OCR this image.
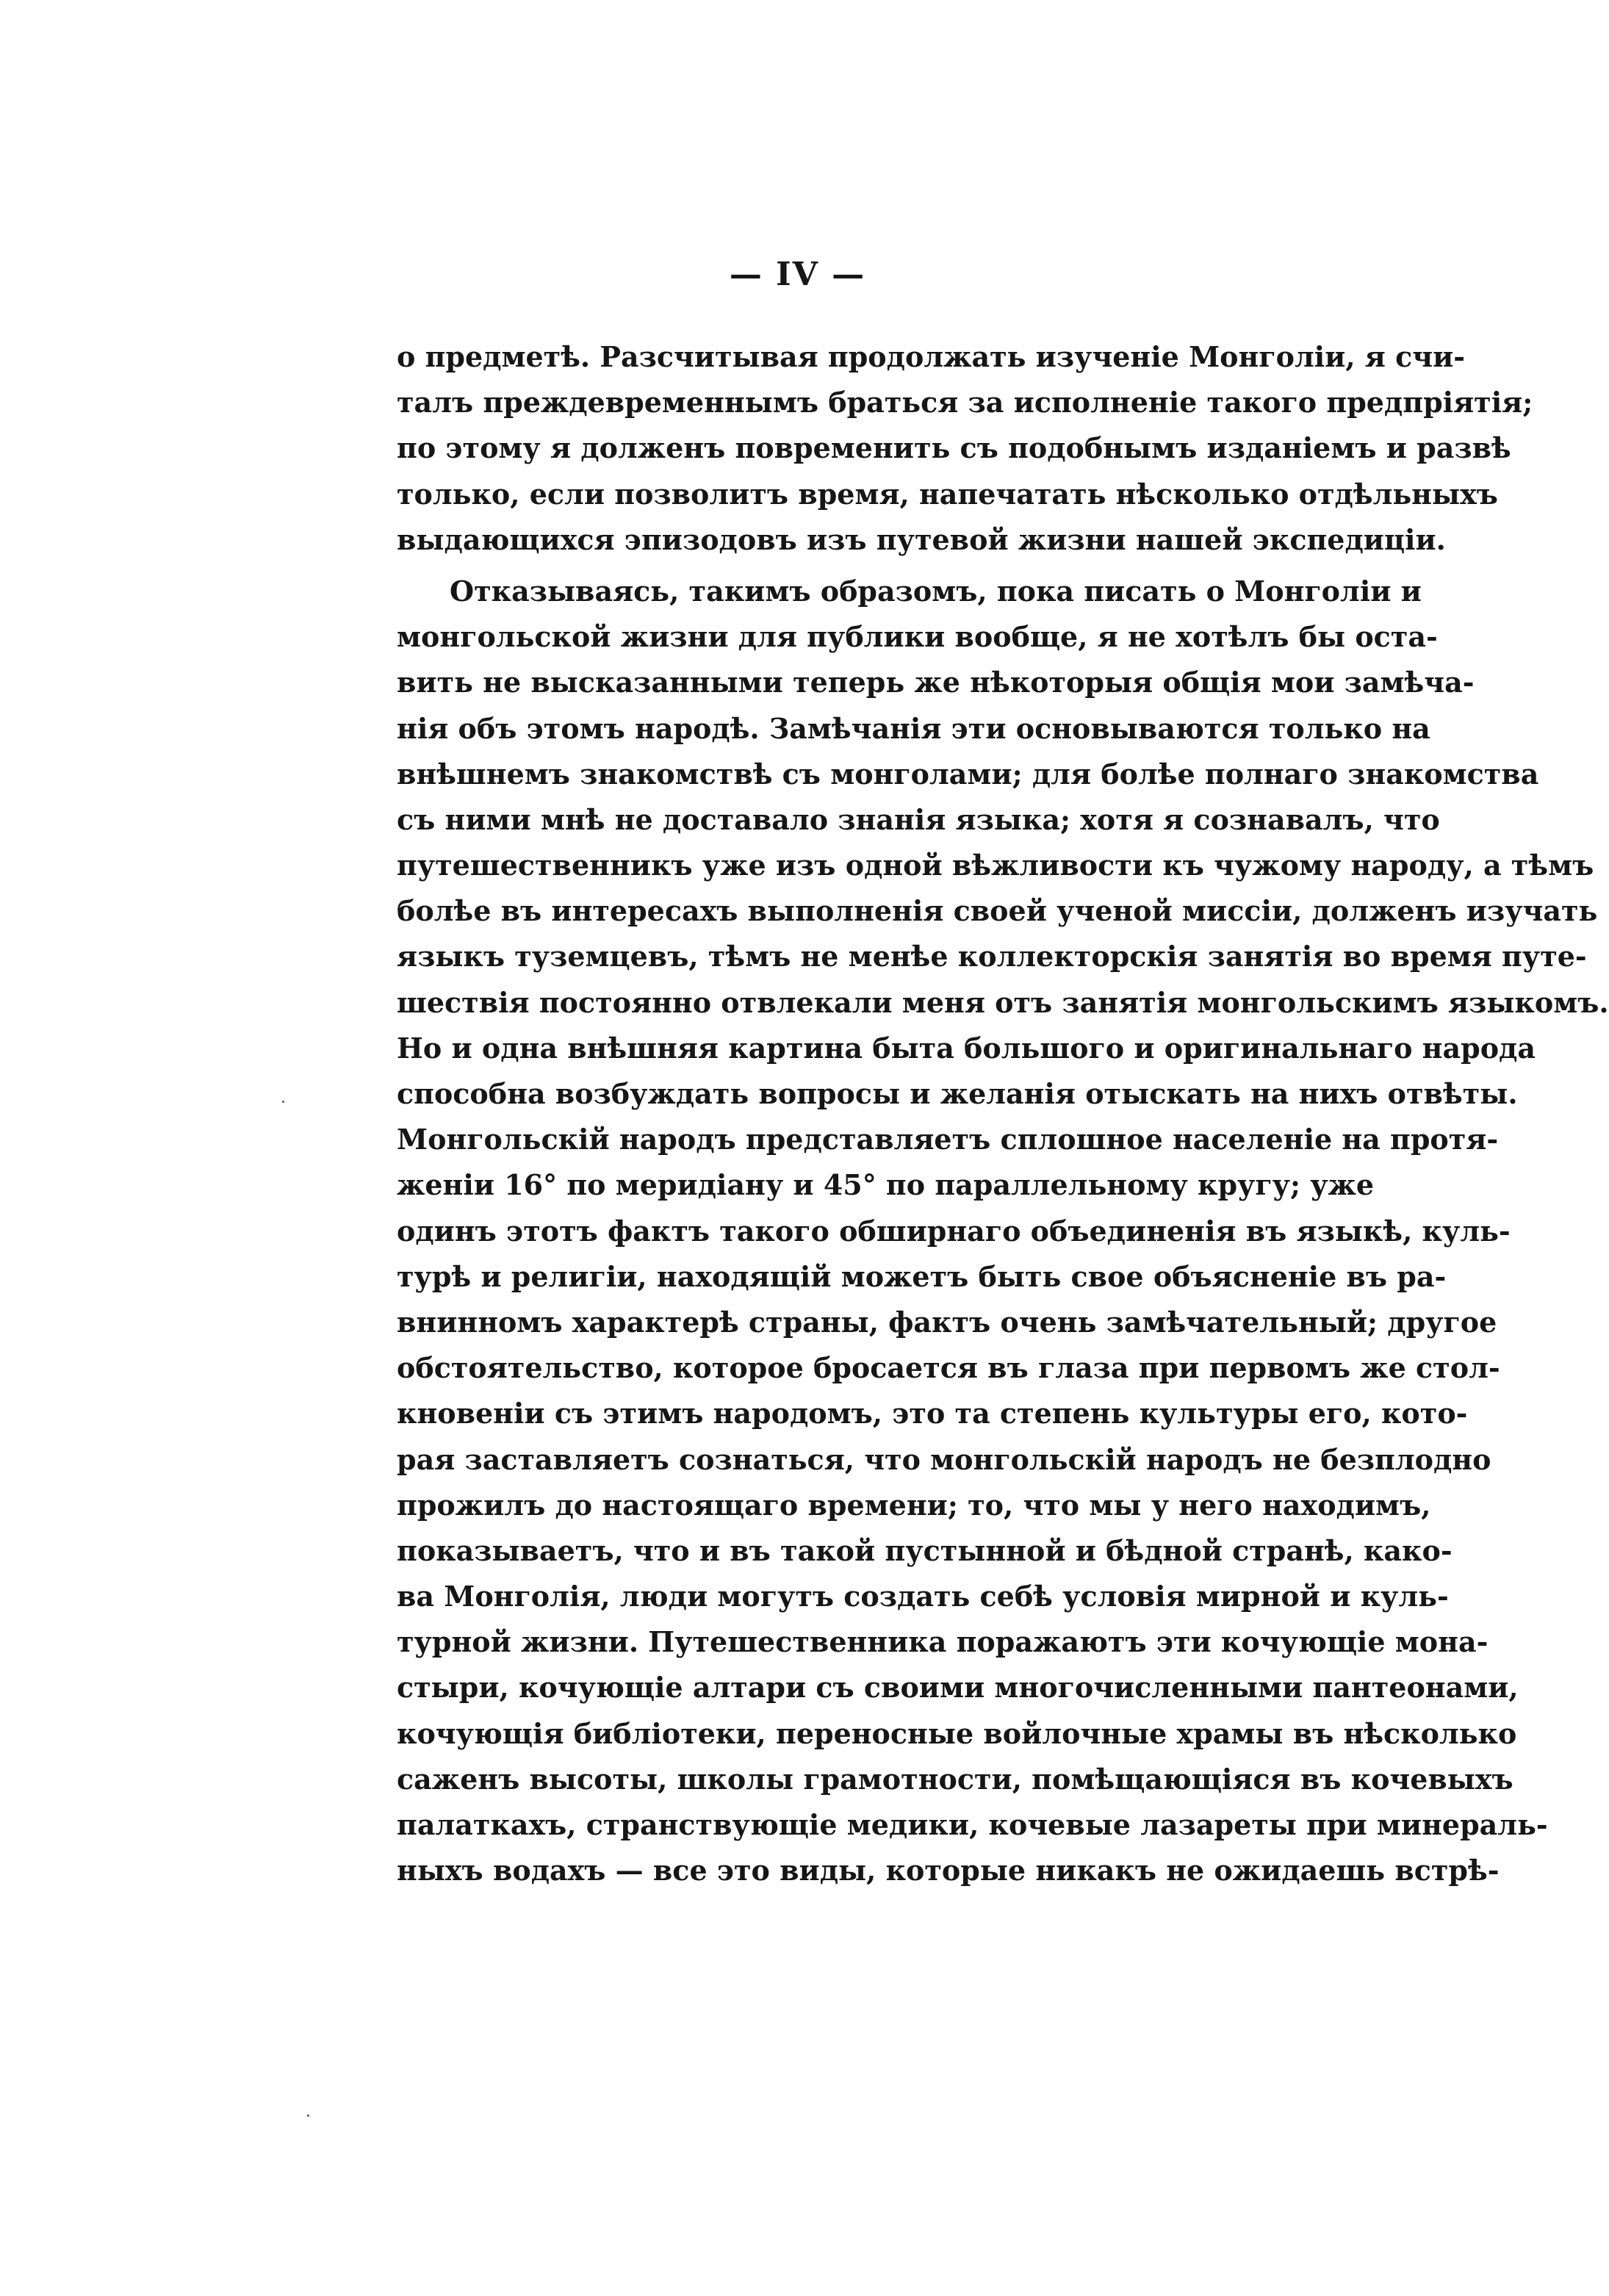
— IV —
о предметѣ. Разсчитывая продолжать изученіе Монголіи, я счи-
талъ преждевременнымъ браться за исполненіе такого предпріятія;
по этому я долженъ повременить съ подобнымъ изданіемъ и развѣ
только, если позволитъ время, напечатать нѣсколько отдѣльныхъ
выдающихся эпизодовъ изъ путевой жизни нашей экспедиціи.
Отказываясь, такимъ образомъ, пока писать о Монголіи и
монгольской жизни для публики вообще, я не хотѣлъ бы оста-
вить не высказанными теперь же нѣкоторыя общія мои замѣча-
нія объ этомъ народѣ. Замѣчанія эти основываются только на
внѣшнемъ знакомствѣ съ монголами; для болѣе полнаго знакомства
съ ними мнѣ не доставало знанія языка; хотя я сознавалъ, что
путешественникъ уже изъ одной вѣжливости къ чужому народу, а тѣмъ
болѣе въ интересахъ выполненія своей ученой миссіи, долженъ изучать
языкъ туземцевъ, тѣмъ не менѣе коллекторскія занятія во время путе-
шествія постоянно отвлекали меня отъ занятія монгольскимъ языкомъ.
Но и одна внѣшняя картина быта большого и оригинальнаго народа
способна возбуждать вопросы и желанія отыскать на нихъ отвѣты.
Монгольскій народъ представляетъ сплошное населеніе на протя-
женіи 16° по меридіану и 45° по параллельному кругу; уже
одинъ этотъ фактъ такого обширнаго объединенія въ языкѣ, куль-
турѣ и религіи, находящій можетъ быть свое объясненіе въ ра-
внинномъ характерѣ страны, фактъ очень замѣчательный; другое
обстоятельство, которое бросается въ глаза при первомъ же стол-
кновеніи съ этимъ народомъ, это та степень культуры его, кото-
рая заставляетъ сознаться, что монгольскій народъ не безплодно
прожилъ до настоящаго времени; то, что мы у него находимъ,
показываетъ, что и въ такой пустынной и бѣдной странѣ, како-
ва Монголія, люди могутъ создать себѣ условія мирной и куль-
турной жизни. Путешественника поражаютъ эти кочующіе мона-
стыри, кочующіе алтари съ своими многочисленными пантеонами,
кочующія библіотеки, переносные войлочные храмы въ нѣсколько
саженъ высоты, школы грамотности, помѣщающіяся въ кочевыхъ
палаткахъ, странствующіе медики, кочевые лазареты при минераль-
ныхъ водахъ — все это виды, которые никакъ не ожидаешь встрѣ-
